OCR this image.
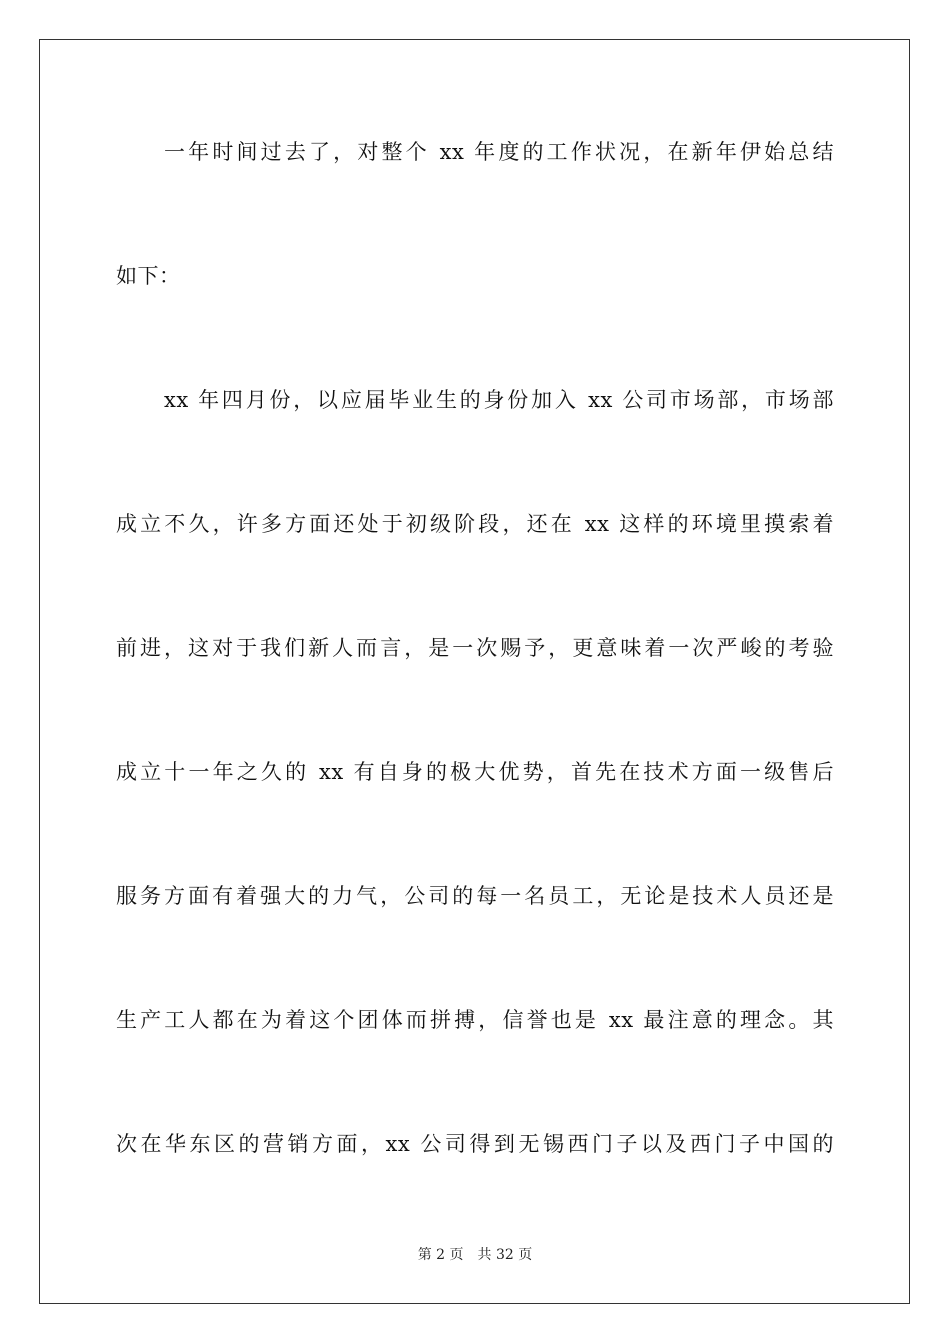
一年时间过去了，对整个 xx 年度的工作状况，在新年伊始总结
如下：
xx 年四月份，以应届毕业生的身份加入 xx 公司市场部，市场部
成立不久，许多方面还处于初级阶段，还在 xx 这样的环境里摸索着
前进，这对于我们新人而言，是一次赐予，更意味着一次严峻的考验
成立十一年之久的 xx 有自身的极大优势，首先在技术方面一级售后
服务方面有着强大的力气，公司的每一名员工，无论是技术人员还是
生产工人都在为着这个团体而拼搏，信誉也是 xx 最注意的理念。其
次在华东区的营销方面，xx 公司得到无锡西门子以及西门子中国的
第 2 页 共 32 页
